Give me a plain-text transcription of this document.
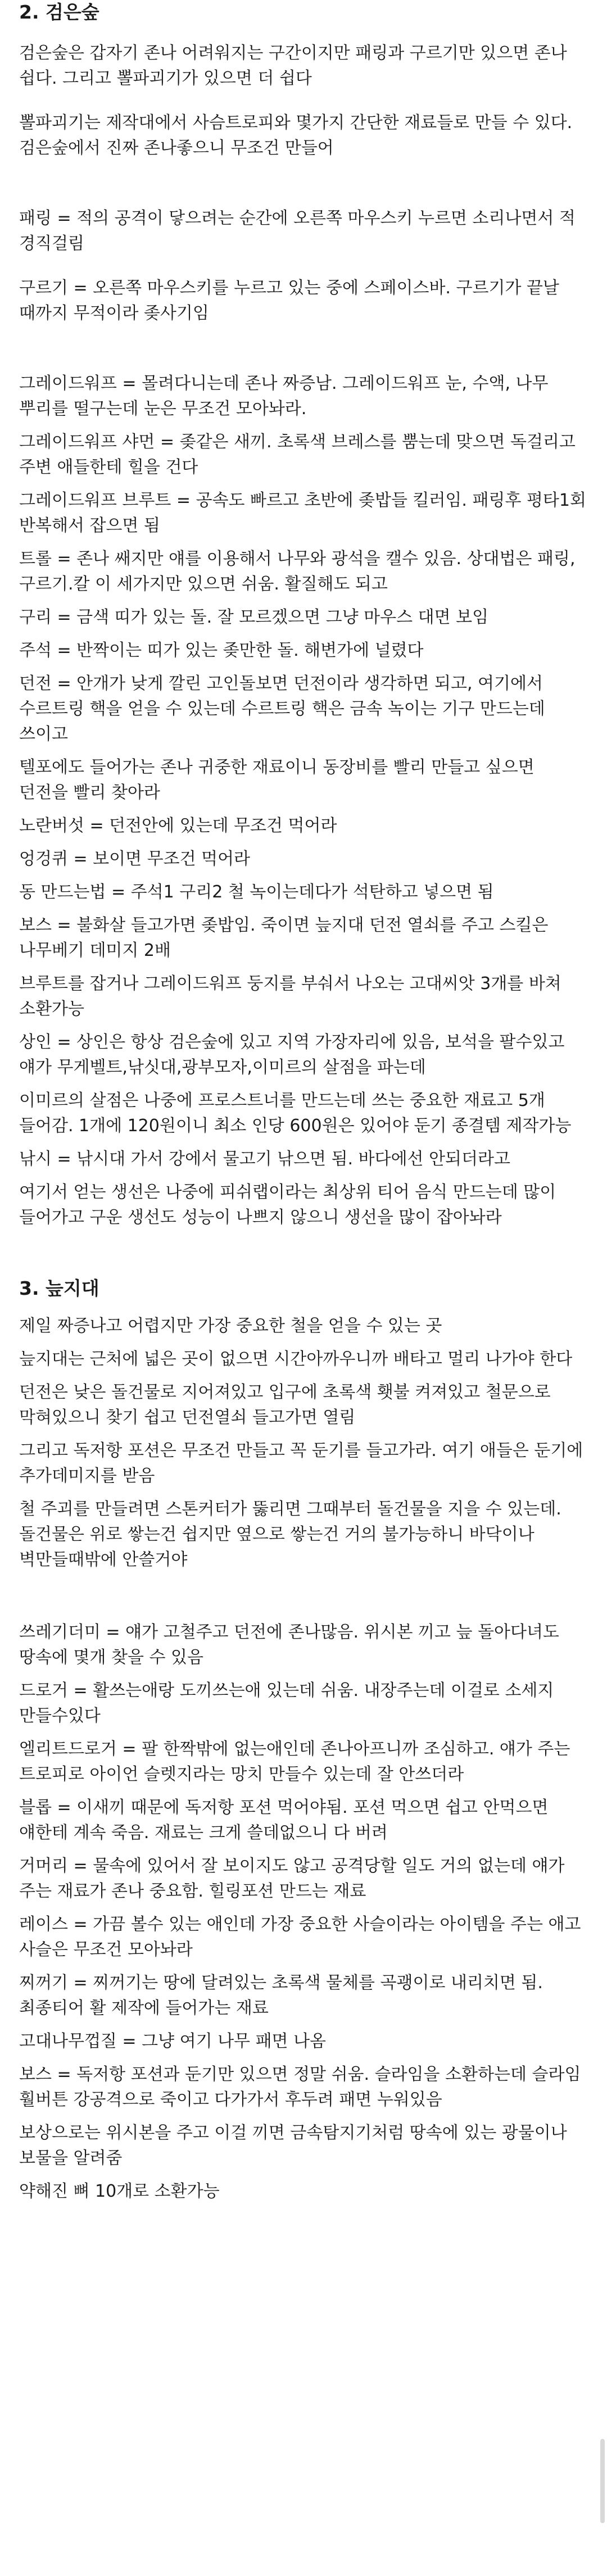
2. 검은숲

검은숲은 갑자기 존나 어려워지는 구간이지만 패링과 구르기만 있으면 존나 쉽다. 그리고 뽈파괴기가 있으면 더 쉽다

뽈파괴기는 제작대에서 사슴트로피와 몇가지 간단한 재료들로 만들 수 있다. 검은숲에서 진짜 존나좋으니 무조건 만들어

패링 = 적의 공격이 닿으려는 순간에 오른쪽 마우스키 누르면 소리나면서 적 경직걸림

구르기 = 오른쪽 마우스키를 누르고 있는 중에 스페이스바. 구르기가 끝날 때까지 무적이라 좆사기임

그레이드워프 = 몰려다니는데 존나 짜증남. 그레이드워프 눈, 수액, 나무 뿌리를 떨구는데 눈은 무조건 모아놔라.

그레이드워프 샤먼 = 좆같은 새끼. 초록색 브레스를 뿜는데 맞으면 독걸리고 주변 애들한테 힐을 건다

그레이드워프 브루트 = 공속도 빠르고 초반에 좆밥들 킬러임. 패링후 평타1회 반복해서 잡으면 됨

트롤 = 존나 쌔지만 얘를 이용해서 나무와 광석을 캘수 있음. 상대법은 패링,구르기.칼 이 세가지만 있으면 쉬움. 활질해도 되고

구리 = 금색 띠가 있는 돌. 잘 모르겠으면 그냥 마우스 대면 보임

주석 = 반짝이는 띠가 있는 좆만한 돌. 해변가에 널렸다

던전 = 안개가 낮게 깔린 고인돌보면 던전이라 생각하면 되고, 여기에서 수르트링 핵을 얻을 수 있는데 수르트링 핵은 금속 녹이는 기구 만드는데 쓰이고

텔포에도 들어가는 존나 귀중한 재료이니 동장비를 빨리 만들고 싶으면 던전을 빨리 찾아라

노란버섯 = 던전안에 있는데 무조건 먹어라

엉겅퀴 = 보이면 무조건 먹어라

동 만드는법 = 주석1 구리2 철 녹이는데다가 석탄하고 넣으면 됨

보스 = 불화살 들고가면 좆밥임. 죽이면 늪지대 던전 열쇠를 주고 스킬은 나무베기 데미지 2배

브루트를 잡거나 그레이드워프 둥지를 부숴서 나오는 고대씨앗 3개를 바쳐 소환가능

상인 = 상인은 항상 검은숲에 있고 지역 가장자리에 있음, 보석을 팔수있고 얘가 무게벨트,낚싯대,광부모자,이미르의 살점을 파는데

이미르의 살점은 나중에 프로스트너를 만드는데 쓰는 중요한 재료고 5개 들어감. 1개에 120원이니 최소 인당 600원은 있어야 둔기 종결템 제작가능

낚시 = 낚시대 가서 강에서 물고기 낚으면 됨. 바다에선 안되더라고

여기서 얻는 생선은 나중에 피쉬랩이라는 최상위 티어 음식 만드는데 많이 들어가고 구운 생선도 성능이 나쁘지 않으니 생선을 많이 잡아놔라

3. 늪지대

제일 짜증나고 어렵지만 가장 중요한 철을 얻을 수 있는 곳

늪지대는 근처에 넓은 곳이 없으면 시간아까우니까 배타고 멀리 나가야 한다

던전은 낮은 돌건물로 지어져있고 입구에 초록색 횃불 켜져있고 철문으로 막혀있으니 찾기 쉽고 던전열쇠 들고가면 열림

그리고 독저항 포션은 무조건 만들고 꼭 둔기를 들고가라. 여기 애들은 둔기에 추가데미지를 받음

철 주괴를 만들려면 스톤커터가 뚫리면 그때부터 돌건물을 지을 수 있는데. 돌건물은 위로 쌓는건 쉽지만 옆으로 쌓는건 거의 불가능하니 바닥이나 벽만들때밖에 안쓸거야

쓰레기더미 = 얘가 고철주고 던전에 존나많음. 위시본 끼고 늪 돌아다녀도 땅속에 몇개 찾을 수 있음

드로거 = 활쓰는애랑 도끼쓰는애 있는데 쉬움. 내장주는데 이걸로 소세지 만들수있다

엘리트드로거 = 팔 한짝밖에 없는애인데 존나아프니까 조심하고. 얘가 주는 트로피로 아이언 슬렛지라는 망치 만들수 있는데 잘 안쓰더라

블롭 = 이새끼 때문에 독저항 포션 먹어야됨. 포션 먹으면 쉽고 안먹으면 얘한테 계속 죽음. 재료는 크게 쓸데없으니 다 버려

거머리 = 물속에 있어서 잘 보이지도 않고 공격당할 일도 거의 없는데 얘가 주는 재료가 존나 중요함. 힐링포션 만드는 재료

레이스 = 가끔 볼수 있는 애인데 가장 중요한 사슬이라는 아이템을 주는 애고 사슬은 무조건 모아놔라

찌꺼기 = 찌꺼기는 땅에 달려있는 초록색 물체를 곡괭이로 내리치면 됨. 최종티어 활 제작에 들어가는 재료

고대나무껍질 = 그냥 여기 나무 패면 나옴

보스 = 독저항 포션과 둔기만 있으면 정말 쉬움. 슬라임을 소환하는데 슬라임 훨버튼 강공격으로 죽이고 다가가서 후두려 패면 누워있음

보상으로는 위시본을 주고 이걸 끼면 금속탐지기처럼 땅속에 있는 광물이나 보물을 알려줌

약해진 뼈 10개로 소환가능
